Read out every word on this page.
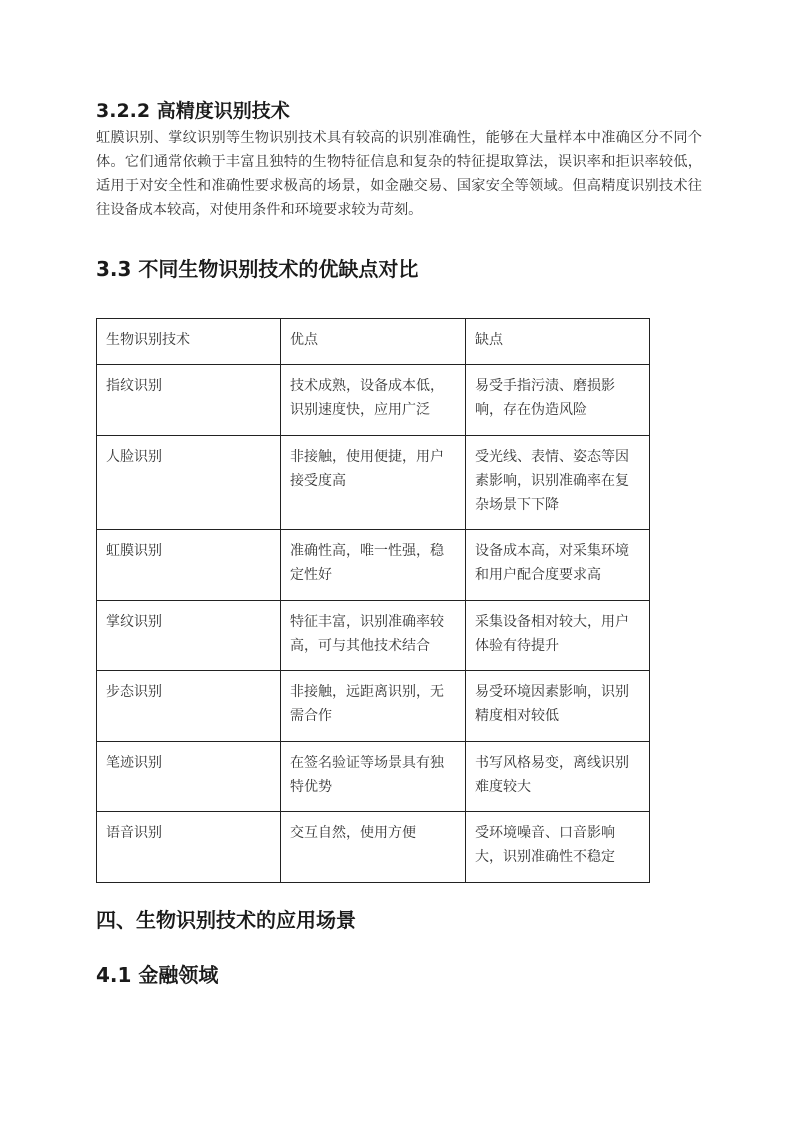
3.2.2 高精度识别技术
虹膜识别、掌纹识别等生物识别技术具有较高的识别准确性，能够在大量样本中准确区分不同个体。它们通常依赖于丰富且独特的生物特征信息和复杂的特征提取算法，误识率和拒识率较低，适用于对安全性和准确性要求极高的场景，如金融交易、国家安全等领域。但高精度识别技术往往设备成本较高，对使用条件和环境要求较为苛刻。
3.3 不同生物识别技术的优缺点对比
生物识别技术	优点	缺点
指纹识别	技术成熟，设备成本低，识别速度快，应用广泛	易受手指污渍、磨损影响，存在伪造风险
人脸识别	非接触，使用便捷，用户接受度高	受光线、表情、姿态等因素影响，识别准确率在复杂场景下下降
虹膜识别	准确性高，唯一性强，稳定性好	设备成本高，对采集环境和用户配合度要求高
掌纹识别	特征丰富，识别准确率较高，可与其他技术结合	采集设备相对较大，用户体验有待提升
步态识别	非接触，远距离识别，无需合作	易受环境因素影响，识别精度相对较低
笔迹识别	在签名验证等场景具有独特优势	书写风格易变，离线识别难度较大
语音识别	交互自然，使用方便	受环境噪音、口音影响大，识别准确性不稳定
四、生物识别技术的应用场景
4.1 金融领域
